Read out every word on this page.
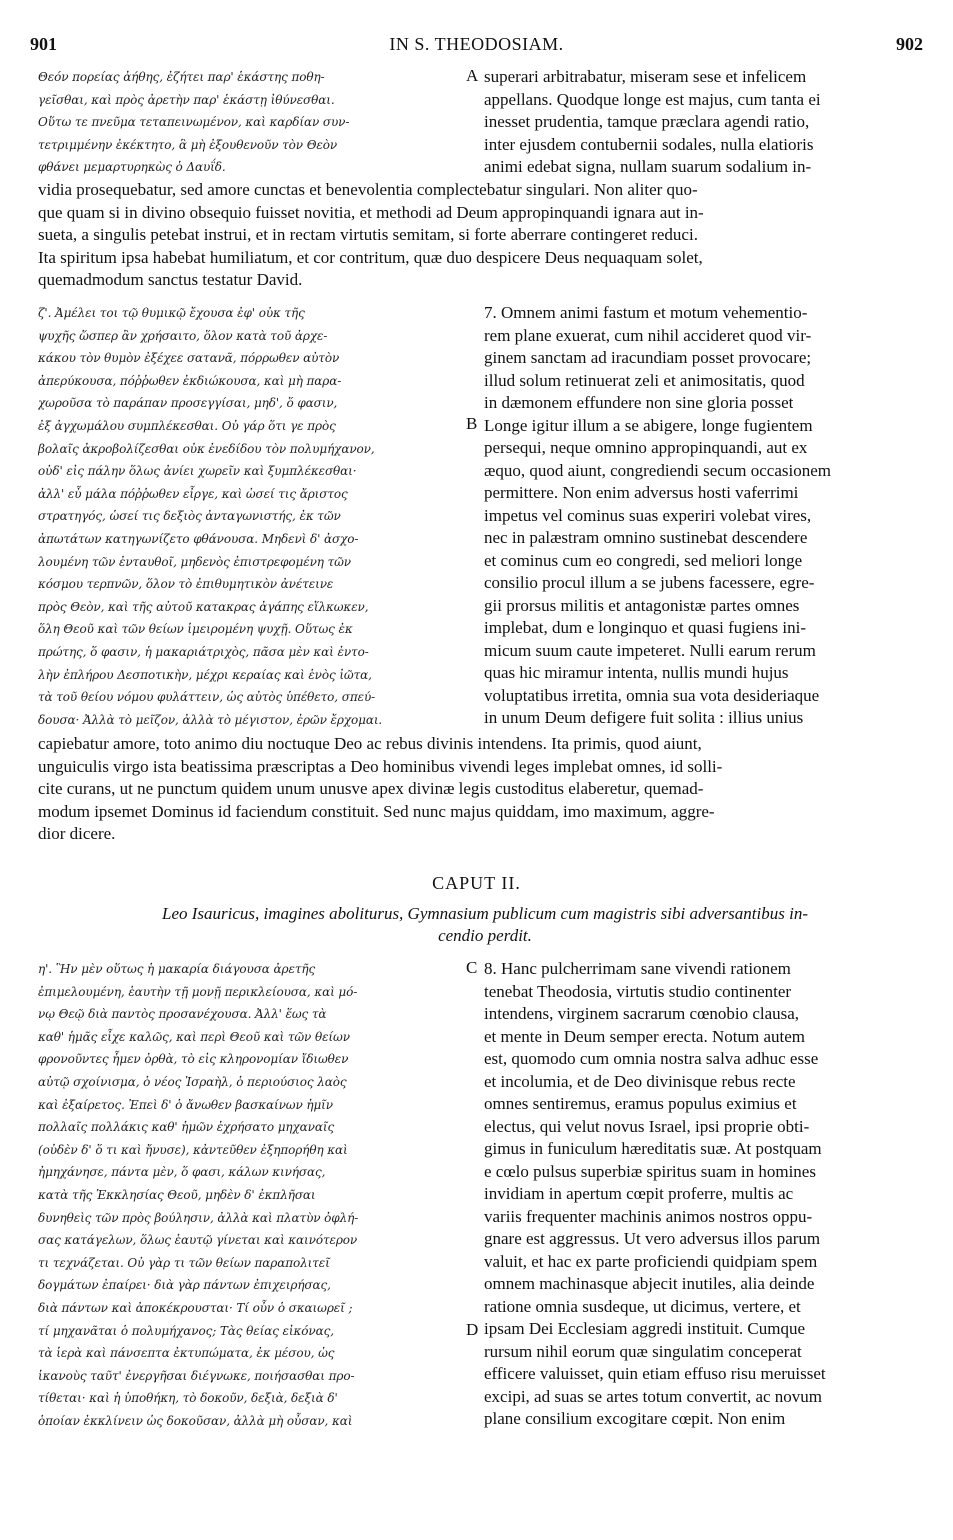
901	IN S. THEODOSIAM.	902
Θεόν πορείας ἀήθης, ἐζήτει παρ' ἑκάστης ποθη-
γεῖσθαι, καὶ πρὸς ἀρετὴν παρ' ἑκάστῃ ἰθύνεσθαι.
Οὕτω τε πνεῦμα τεταπεινωμένον, καὶ καρδίαν συν-
τετριμμένην ἐκέκτητο, ἃ μὴ ἐξουθενοῦν τὸν Θεὸν
φθάνει μεμαρτυρηκὼς ὁ Δαυΐδ.
A superari arbitrabatur, miseram sese et infelicem
appellans. Quodque longe est majus, cum tanta ei
inesset prudentia, tamque præclara agendi ratio,
inter ejusdem contubernii sodales, nulla elatioris
animi edebat signa, nullam suarum sodalium in-
vidia prosequebatur, sed amore cunctas et benevolentia complectebatur singulari. Non aliter quo-
que quam si in divino obsequio fuisset novitia, et methodi ad Deum appropinquandi ignara aut in-
sueta, a singulis petebat instrui, et in rectam virtutis semitam, si forte aberrare contingeret reduci.
Ita spiritum ipsa habebat humiliatum, et cor contritum, quæ duo despicere Deus nequaquam solet,
quemadmodum sanctus testatur David.
ζ'. Ἀμέλει τοι τῷ θυμικῷ ἔχουσα ἐφ' οὐκ τῆς
ψυχῆς ὥσπερ ἂν χρήσαιτο, ὅλον κατὰ τοῦ ἀρχε-
κάκου τὸν θυμὸν ἐξέχεε σατανᾶ, πόρρωθεν αὐτὸν
ἀπερύκουσα, πόῤῥωθεν ἐκδιώκουσα, καὶ μὴ παρα-
χωροῦσα τὸ παράπαν προσεγγίσαι, μηδ', ὅ φασιν,
ἐξ ἀγχωμάλου συμπλέκεσθαι. Οὐ γάρ ὅτι γε πρὸς
βολαῖς ἀκροβολίζεσθαι οὐκ ἐνεδίδου τὸν πολυμήχανον,
οὐδ' εἰς πάλην ὅλως ἀνίει χωρεῖν καὶ ξυμπλέκεσθαι·
ἀλλ' εὖ μάλα πόῤῥωθεν εἶργε, καὶ ὡσεί τις ἄριστος
στρατηγός, ὡσεί τις δεξιὸς ἀνταγωνιστής, ἐκ τῶν
ἀπωτάτων κατηγωνίζετο φθάνουσα. Μηδενὶ δ' ἀσχο-
λουμένη τῶν ἐνταυθοῖ, μηδενὸς ἐπιστρεφομένη τῶν
κόσμου τερπνῶν, ὅλον τὸ ἐπιθυμητικὸν ἀνέτεινε
πρὸς Θεὸν, καὶ τῆς αὐτοῦ κατακρας ἀγάπης εἵλκωκεν,
ὅλη Θεοῦ καὶ τῶν θείων ἱμειρομένη ψυχῇ. Οὕτως ἐκ
πρώτης, ὅ φασιν, ἡ μακαριάτριχὸς, πᾶσα μὲν καὶ ἐντο-
λὴν ἐπλήρου Δεσποτικὴν, μέχρι κεραίας καὶ ἑνὸς ἰῶτα,
τὰ τοῦ θείου νόμου φυλάττειν, ὡς αὐτὸς ὑπέθετο, σπεύ-
δουσα· Ἀλλὰ τὸ μεῖζον, ἀλλὰ τὸ μέγιστον, ἐρῶν ἔρχομαι.
B
7. Omnem animi fastum et motum vehementio-
rem plane exuerat, cum nihil accideret quod vir-
ginem sanctam ad iracundiam posset provocare;
illud solum retinuerat zeli et animositatis, quod
in dæmonem effundere non sine gloria posset
Longe igitur illum a se abigere, longe fugientem
persequi, neque omnino appropinquandi, aut ex
æquo, quod aiunt, congrediendi secum occasionem
permittere. Non enim adversus hosti vaferrimi
impetus vel cominus suas experiri volebat vires,
nec in palæstram omnino sustinebat descendere
et cominus cum eo congredi, sed meliori longe
consilio procul illum a se jubens facessere, egre-
gii prorsus militis et antagonistæ partes omnes
implebat, dum e longinquo et quasi fugiens ini-
micum suum caute impeteret. Nulli earum rerum
quas hic miramur intenta, nullis mundi hujus
voluptatibus irretita, omnia sua vota desideriaque
in unum Deum defigere fuit solita : illius unius
capiebatur amore, toto animo diu noctuque Deo ac rebus divinis intendens. Ita primis, quod aiunt,
unguiculis virgo ista beatissima præscriptas a Deo hominibus vivendi leges implebat omnes, id solli-
cite curans, ut ne punctum quidem unum unusve apex divinæ legis custoditus elaberetur, quemad-
modum ipsemet Dominus id faciendum constituit. Sed nunc majus quiddam, imo maximum, aggre-
dior dicere.
CAPUT II.
Leo Isauricus, imagines aboliturus, Gymnasium publicum cum magistris sibi adversantibus in-
cendio perdit.
η'. Ἣν μὲν οὕτως ἡ μακαρία διάγουσα ἀρετῆς
ἐπιμελουμένη, ἑαυτὴν τῇ μονῇ περικλείουσα, καὶ μό-
νῳ Θεῷ διὰ παντὸς προσανέχουσα. Ἀλλ' ἕως τὰ
καθ' ἡμᾶς εἶχε καλῶς, καὶ περὶ Θεοῦ καὶ τῶν θείων
φρονοῦντες ἦμεν ὀρθὰ, τὸ εἰς κληρονομίαν ἴδιωθεν
αὐτῷ σχοίνισμα, ὁ νέος Ἰσραὴλ, ὁ περιούσιος λαὸς
καὶ ἐξαίρετος. Ἐπεὶ δ' ὁ ἄνωθεν βασκαίνων ἡμῖν
πολλαῖς πολλάκις καθ' ἡμῶν ἐχρήσατο μηχαναῖς
(οὐδὲν δ' ὅ τι καὶ ἤνυσε), κἀντεῦθεν ἐξηπορήθη καὶ
ἠμηχάνησε, πάντα μὲν, ὅ φασι, κάλων κινήσας,
κατὰ τῆς Ἐκκλησίας Θεοῦ, μηδὲν δ' ἐκπλῆσαι
δυνηθεὶς τῶν πρὸς βούλησιν, ἀλλὰ καὶ πλατὺν ὀφλή-
σας κατάγελων, ὅλως ἑαυτῷ γίνεται καὶ καινότερον
τι τεχνάζεται. Οὐ γὰρ τι τῶν θείων παραπολιτεῖ
δογμάτων ἐπαίρει· διὰ γὰρ πάντων ἐπιχειρήσας,
διὰ πάντων καὶ ἀποκέκρουσται· Τί οὖν ὁ σκαιωρεῖ ;
τί μηχανᾶται ὁ πολυμήχανος; Τὰς θείας εἰκόνας,
τὰ ἱερὰ καὶ πάνσεπτα ἐκτυπώματα, ἐκ μέσου, ὡς
ἱκανοὺς ταῦτ' ἐνεργῆσαι διέγνωκε, ποιήσασθαι προ-
τίθεται· καὶ ἡ ὑποθήκη, τὸ δοκοῦν, δεξιὰ, δεξιὰ δ'
ὁποίαν ἐκκλίνειν ὡς δοκοῦσαν, ἀλλὰ μὴ οὖσαν, καὶ
C
D
8. Hanc pulcherrimam sane vivendi rationem
tenebat Theodosia, virtutis studio continenter
intendens, virginem sacrarum cœnobio clausa,
et mente in Deum semper erecta. Notum autem
est, quomodo cum omnia nostra salva adhuc esse
et incolumia, et de Deo divinisque rebus recte
omnes sentiremus, eramus populus eximius et
electus, qui velut novus Israel, ipsi proprie obti-
gimus in funiculum hæreditatis suæ. At postquam
e cœlo pulsus superbiæ spiritus suam in homines
invidiam in apertum cœpit proferre, multis ac
variis frequenter machinis animos nostros oppu-
gnare est aggressus. Ut vero adversus illos parum
valuit, et hac ex parte proficiendi quidpiam spem
omnem machinasque abjecit inutiles, alia deinde
ratione omnia susdeque, ut dicimus, vertere, et
ipsam Dei Ecclesiam aggredi instituit. Cumque
rursum nihil eorum quæ singulatim conceperat
efficere valuisset, quin etiam effuso risu meruisset
excipi, ad suas se artes totum convertit, ac novum
plane consilium excogitare cœpit. Non enim
